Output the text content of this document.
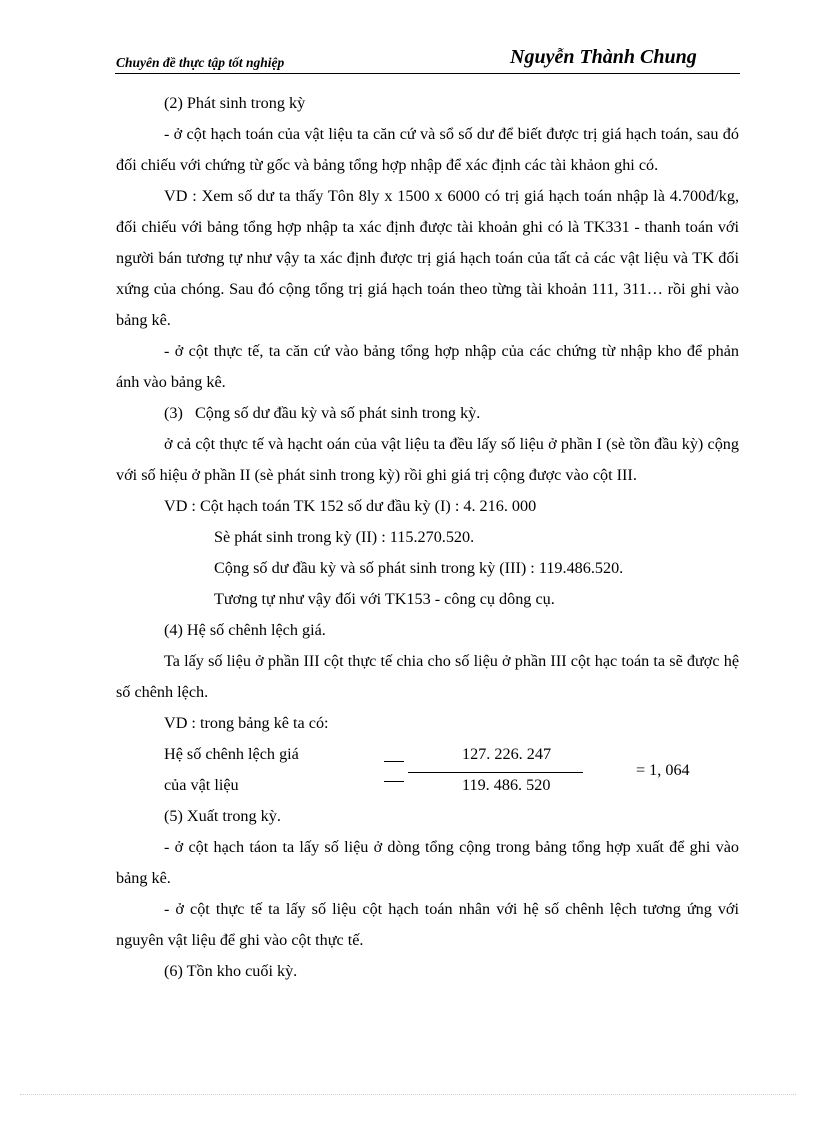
Chuyên đề thực tập tốt nghiệp	Nguyễn Thành Chung

(2) Phát sinh trong kỳ

- ở cột hạch toán của vật liệu ta căn cứ và sổ số dư để biết được trị giá hạch toán, sau đó đối chiếu với chứng từ gốc và bảng tổng hợp nhập để xác định các tài khảon ghi có.

VD : Xem số dư ta thấy Tôn 8ly x 1500 x 6000 có trị giá hạch toán nhập là 4.700đ/kg, đối chiếu với bảng tổng hợp nhập ta xác định được tài khoản ghi có là TK331 - thanh toán với người bán tương tự như vậy ta xác định được trị giá hạch toán của tất cả các vật liệu và TK đối xứng của chóng. Sau đó cộng tổng trị giá hạch toán theo từng tài khoản 111, 311… rồi ghi vào bảng kê.

- ở cột thực tế, ta căn cứ vào bảng tổng hợp nhập của các chứng từ nhập kho để phản ánh vào bảng kê.

(3)   Cộng số dư đầu kỳ và số phát sinh trong kỳ.

ở cả cột thực tế và hạcht oán của vật liệu ta đều lấy số liệu ở phần I (sè tồn đầu kỳ) cộng với số hiệu ở phần II (sè phát sinh trong kỳ) rồi ghi giá trị cộng được vào cột III.

VD : Cột hạch toán TK 152 số dư đầu kỳ (I) : 4. 216. 000

Sè phát sinh trong kỳ (II) : 115.270.520.

Cộng số dư đầu kỳ và số phát sinh trong kỳ (III) : 119.486.520.

Tương tự như vậy đối với TK153 - công cụ dông cụ.

(4) Hệ số chênh lệch giá.

Ta lấy số liệu ở phần III cột thực tế chia cho số liệu ở phần III cột hạc toán ta sẽ được hệ số chênh lệch.

VD : trong bảng kê ta có:

Hệ số chênh lệch giá
của vật liệu
127. 226. 247
119. 486. 520
= 1, 064

(5) Xuất trong kỳ.

- ở cột hạch táon ta lấy số liệu ở dòng tổng cộng trong bảng tổng hợp xuất để ghi vào bảng kê.

- ở cột thực tế ta lấy số liệu cột hạch toán nhân với hệ số chênh lệch tương ứng với nguyên vật liệu để ghi vào cột thực tế.

(6) Tồn kho cuối kỳ.
